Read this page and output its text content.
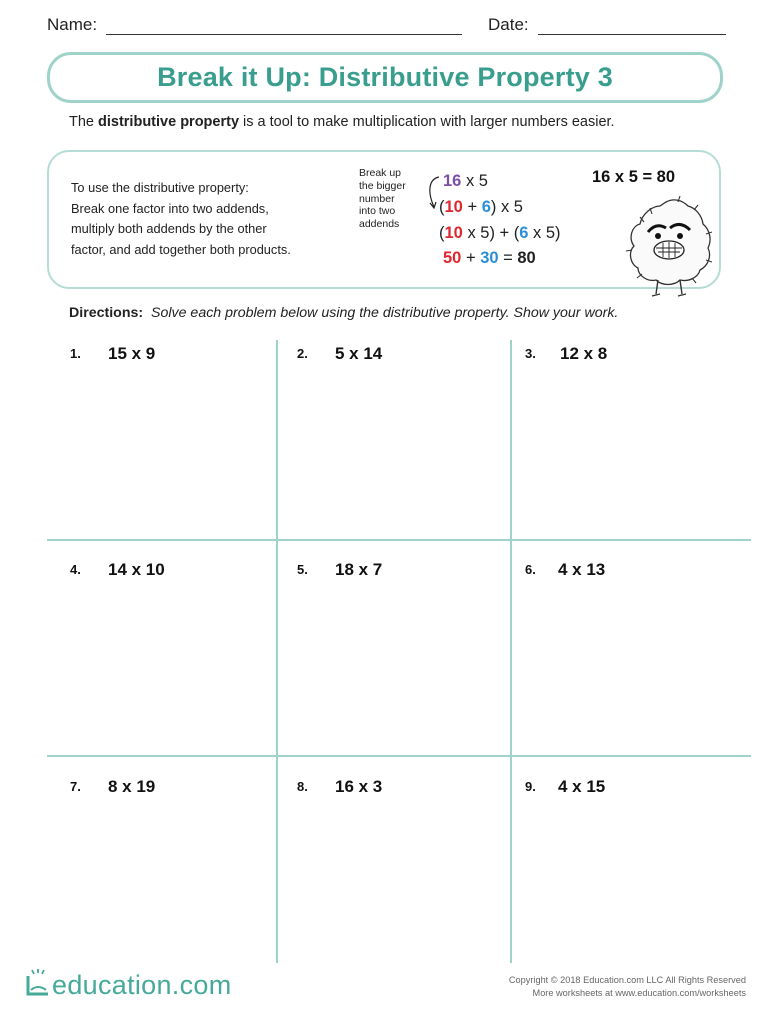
Name:	Date:
Break it Up: Distributive Property 3
The distributive property is a tool to make multiplication with larger numbers easier.
To use the distributive property:
Break one factor into two addends,
multiply both addends by the other
factor, and add together both products.
Break up
the bigger
number
into two
addends
16 x 5
(10 + 6) x 5
(10 x 5) + (6 x 5)
50 + 30 = 80
16 x 5 = 80
Directions: Solve each problem below using the distributive property. Show your work.
1. 15 x 9	2. 5 x 14	3. 12 x 8
4. 14 x 10	5. 18 x 7	6. 4 x 13
7. 8 x 19	8. 16 x 3	9. 4 x 15
education.com	Copyright © 2018 Education.com LLC All Rights Reserved
More worksheets at www.education.com/worksheets
